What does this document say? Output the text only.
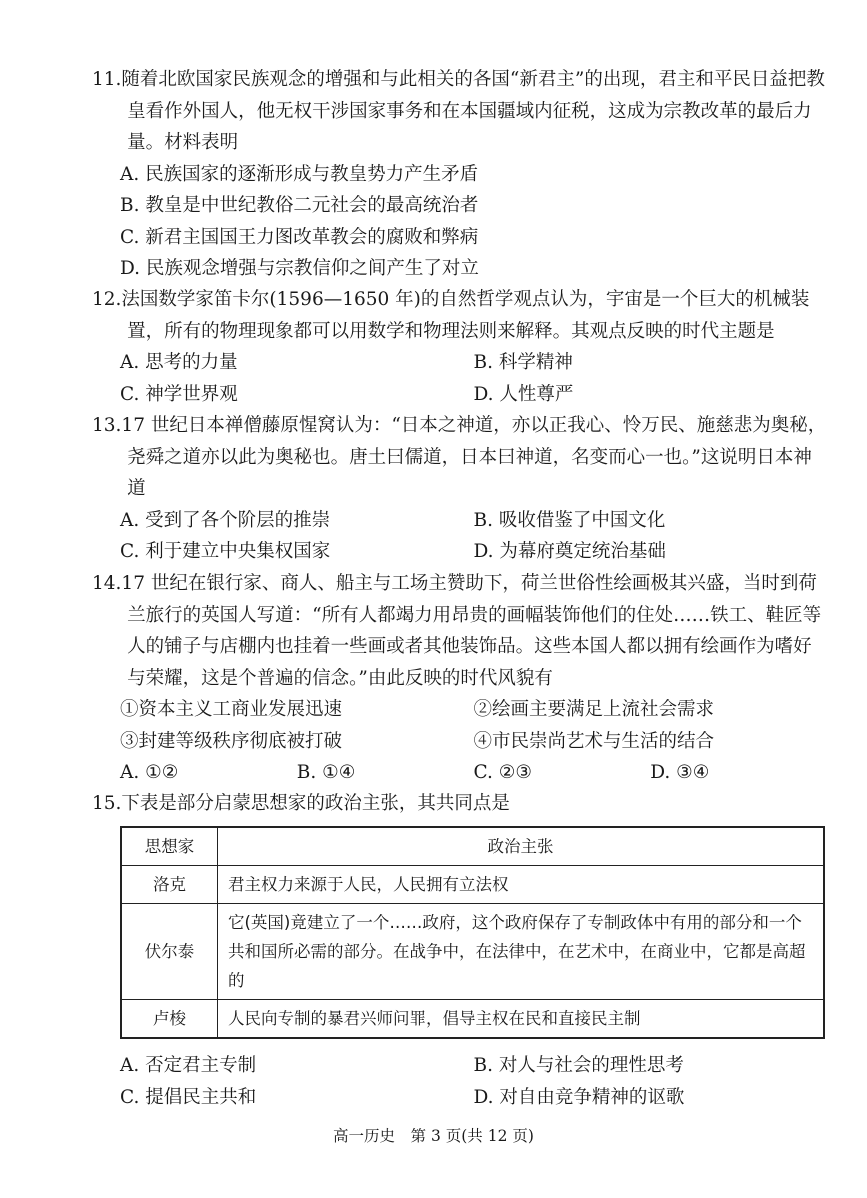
11.随着北欧国家民族观念的增强和与此相关的各国“新君主”的出现，君主和平民日益把教皇看作外国人，他无权干涉国家事务和在本国疆域内征税，这成为宗教改革的最后力量。材料表明

A. 民族国家的逐渐形成与教皇势力产生矛盾
B. 教皇是中世纪教俗二元社会的最高统治者
C. 新君主国国王力图改革教会的腐败和弊病
D. 民族观念增强与宗教信仰之间产生了对立

12.法国数学家笛卡尔(1596—1650 年)的自然哲学观点认为，宇宙是一个巨大的机械装置，所有的物理现象都可以用数学和物理法则来解释。其观点反映的时代主题是

A. 思考的力量	B. 科学精神
C. 神学世界观	D. 人性尊严

13.17 世纪日本禅僧藤原惺窝认为：“日本之神道，亦以正我心、怜万民、施慈悲为奥秘，尧舜之道亦以此为奥秘也。唐土曰儒道，日本曰神道，名变而心一也。”这说明日本神道

A. 受到了各个阶层的推崇	B. 吸收借鉴了中国文化
C. 利于建立中央集权国家	D. 为幕府奠定统治基础

14.17 世纪在银行家、商人、船主与工场主赞助下，荷兰世俗性绘画极其兴盛，当时到荷兰旅行的英国人写道：“所有人都竭力用昂贵的画幅装饰他们的住处……铁工、鞋匠等人的铺子与店棚内也挂着一些画或者其他装饰品。这些本国人都以拥有绘画作为嗜好与荣耀，这是个普遍的信念。”由此反映的时代风貌有

①资本主义工商业发展迅速	②绘画主要满足上流社会需求
③封建等级秩序彻底被打破	④市民崇尚艺术与生活的结合
A. ①②	B. ①④	C. ②③	D. ③④

15.下表是部分启蒙思想家的政治主张，其共同点是

思想家	政治主张
洛克	君主权力来源于人民，人民拥有立法权
伏尔泰	它(英国)竟建立了一个……政府，这个政府保存了专制政体中有用的部分和一个共和国所必需的部分。在战争中，在法律中，在艺术中，在商业中，它都是高超的
卢梭	人民向专制的暴君兴师问罪，倡导主权在民和直接民主制
A. 否定君主专制	B. 对人与社会的理性思考
C. 提倡民主共和	D. 对自由竞争精神的讴歌
高一历史　第 3 页(共 12 页)
